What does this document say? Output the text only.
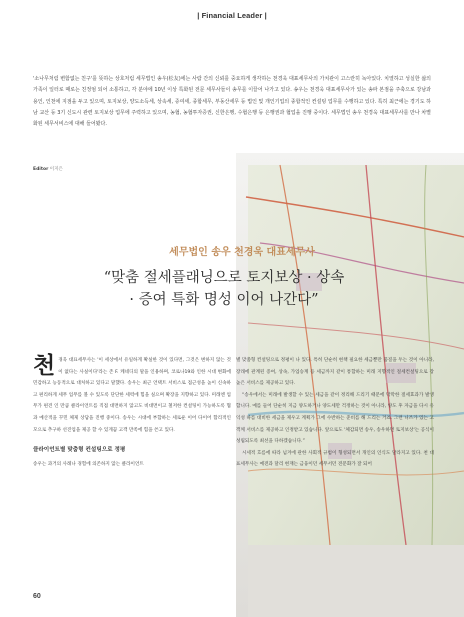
| Financial Leader |

'소나무처럼 변함없는 친구'를 뜻하는 상호처럼 세무법인 송우(松友)에는 사람 간의 신뢰를 중요하게 생각하는 천경욱 대표세무사의 가치관이 고스란히 녹아있다. 치열하고 성실한 삶의 가족이 일터로 때로는 친정엄 되어 소통하고, 각 분야에 10년 이상 특화된 전문 세무사들이 송무를 이끌어 나가고 있다. 송우는 천경욱 대표세무사가 있는 송파 본점을 주축으로 강남과 용인, 인천에 지점을 두고 있으며, 토지보상, 양도소득세, 상속세, 증여세, 종합세무, 부동산세무 등 법인 및 개인기업의 종합적인 컨설팅 업무를 수행하고 있다. 특히 최근에는 경기도 하남 교산 등 3기 신도시 관련 토지보상 업무에 주력하고 있으며, 농협, 농협투자증권, 신한은행, 수협은행 등 은행권과 협업을 진행 중이다. 세무법인 송우 천경욱 대표세무사를 만나 차별화된 세무서비스에 대해 들어봤다.

Editor 이지은
세무법인 송우 천경욱 대표세무사
“맞춤 절세플래닝으로 토지보상 · 상속 · 증여 특화 명성 이어 나간다”
천 경욱 대표세무사는 '이 세상에서 유일하게 확실한 것이 있다면, 그것은 변하지 않는 것이 없다는 사실이다'라는 존 F. 케네디의 말을 인용하며, 코로나19와 인한 시대 변화에 민감하고 능동적으로 대처하고 있다고 말했다. 송우는 최근 언택트 서비스로 접근성을 높이 신속하고 편리하게 세무 업무를 볼 수 있도록 단단한 세력에 힘을 실으며 확장을 지향하고 있다. 미래엔 업무가 편견 인 만큼 클라이언트를 직접 대면하지 않고도 비대면이고 철저한 컨설팅이 가능하도록 협과 예산적을 꾸민 체제 상담을 진행 중이다. 송우는 시대에 부합하는 세로운 이어 다이어 함리적인 모으로 추구하 선진업을 제공 할 수 있게끔 고객 만족에 힘을 쓴고 있다.

클라이언트별 맞춤형 컨설팅으로 정평

송우는 과거의 사례나 경험에 의존하지 않는 클라이언트

별 맞춤형 컨설팅으로 정평이 나 있다. 특히 단순히 현책 필요한 세금뿐만 품질을 두는 것이 아니라, 장래에 관계된 증여, 상속, 가업승계 등 세금까지 같이 통합하는 미래 지향적인 절세컨설팅으로 장 높은 서비스를 제공하고 있다.

“송우에서는 미래에 발생할 수 있는 세금을 같이 정리해 드리기 때문에 막막한 절세효과가 발생합니다. 예를 들어 단순히 지금 양도하거나 양도세만 걱정하는 것이 아니라, 양도 후 자금을 다시 유익성 따를 대비한 세금을 제우고 계획가 그에 수반하는 준비를 해 드리는 거죠. 그런 니즈가 있는 고객께 서비스를 제공하고 인정받고 있습니다. 앞으로도 '체감되면 송우, 송우하면 토지보상'는 공식이 성립되도록 최선을 다하겠습니다.”

시세적 흐름에 따라 넘겨에 관한 사회적 규범이 형성되면서 개인의 인식도 달라지고 있다. 천 대표세무사는 예전과 달리 현재는 금융이던 세무서던 전문화가 잘 되어

60
